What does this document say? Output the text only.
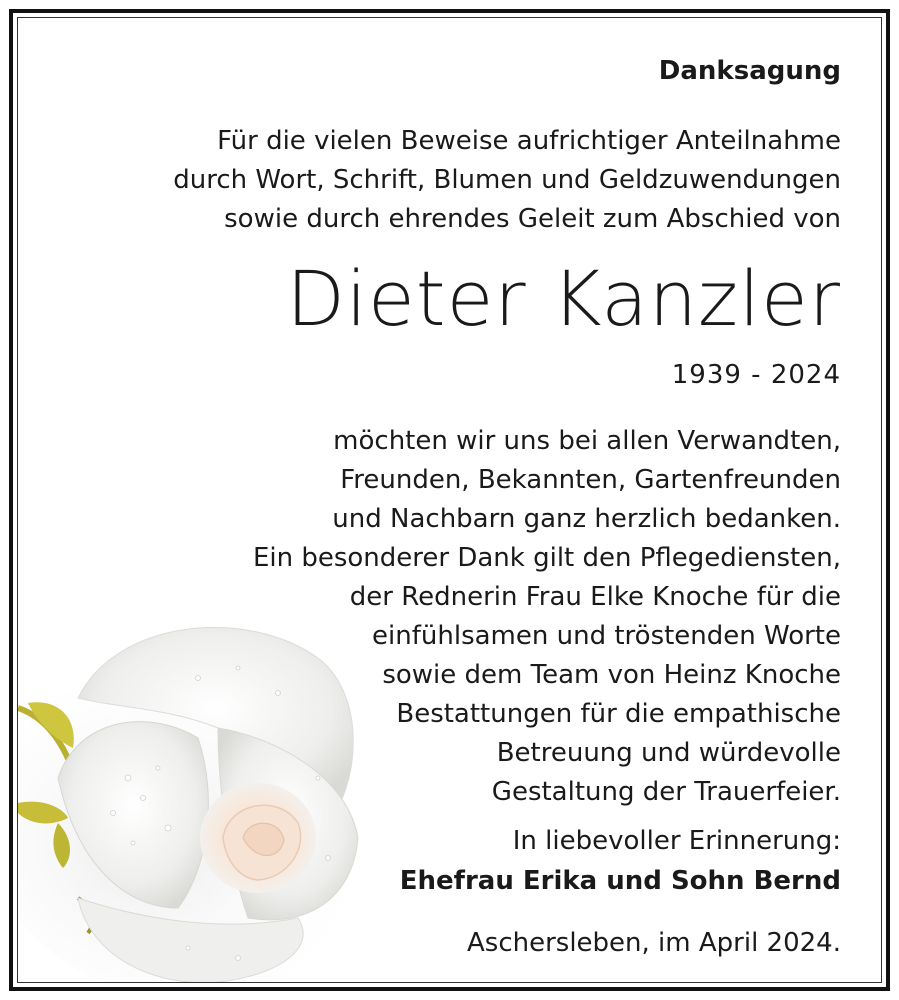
Danksagung
Für die vielen Beweise aufrichtiger Anteilnahme
durch Wort, Schrift, Blumen und Geldzuwendungen
sowie durch ehrendes Geleit zum Abschied von
Dieter Kanzler
1939 - 2024
möchten wir uns bei allen Verwandten,
Freunden, Bekannten, Gartenfreunden
und Nachbarn ganz herzlich bedanken.
Ein besonderer Dank gilt den Pflegediensten,
der Rednerin Frau Elke Knoche für die
einfühlsamen und tröstenden Worte
sowie dem Team von Heinz Knoche
Bestattungen für die empathische
Betreuung und würdevolle
Gestaltung der Trauerfeier.
In liebevoller Erinnerung:
Ehefrau Erika und Sohn Bernd
Aschersleben, im April 2024.
